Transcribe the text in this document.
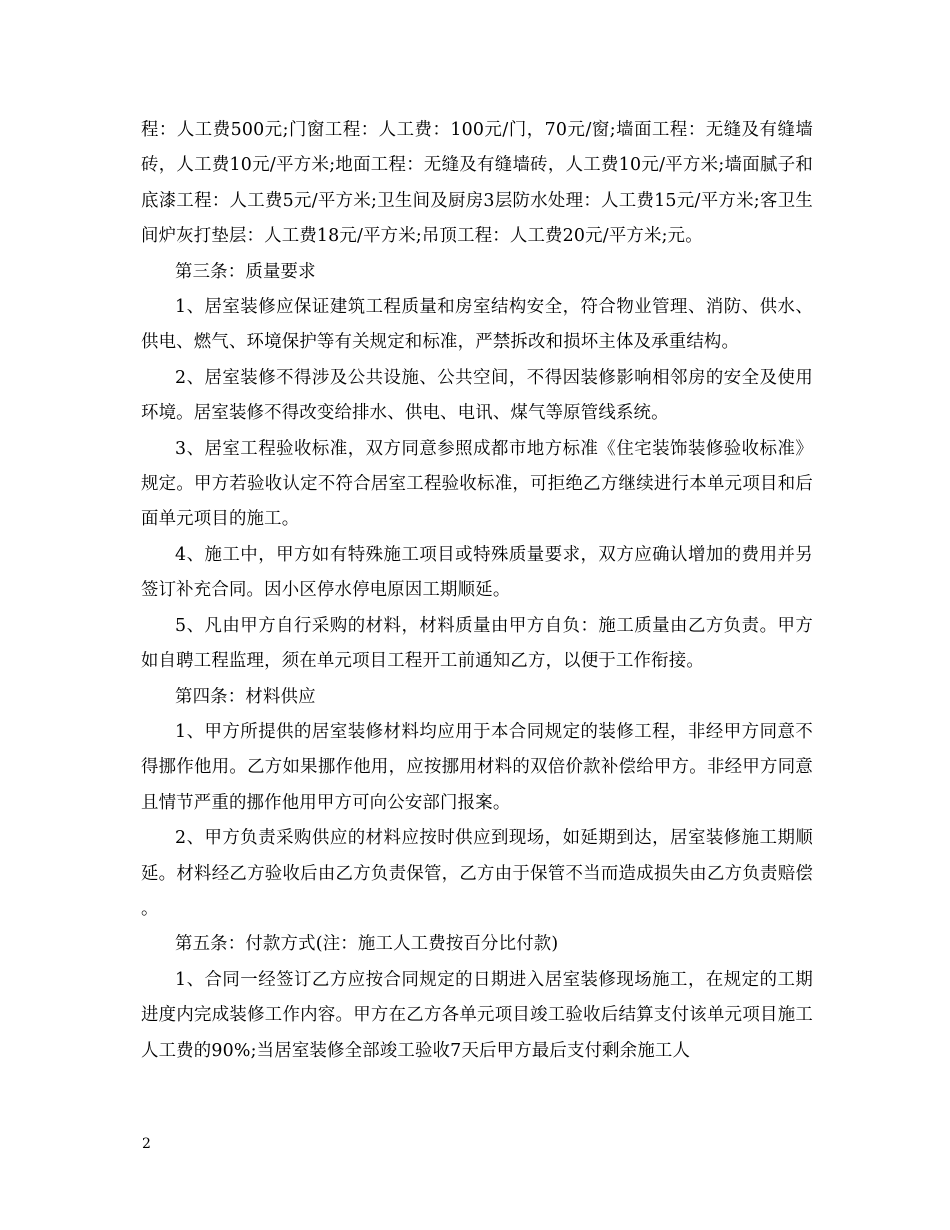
程：人工费500元;门窗工程：人工费：100元/门，70元/窗;墙面工程：无缝及有缝墙砖，人工费10元/平方米;地面工程：无缝及有缝墙砖，人工费10元/平方米;墙面腻子和底漆工程：人工费5元/平方米;卫生间及厨房3层防水处理：人工费15元/平方米;客卫生间炉灰打垫层：人工费18元/平方米;吊顶工程：人工费20元/平方米;元。

第三条：质量要求

1、居室装修应保证建筑工程质量和房室结构安全，符合物业管理、消防、供水、供电、燃气、环境保护等有关规定和标准，严禁拆改和损坏主体及承重结构。

2、居室装修不得涉及公共设施、公共空间，不得因装修影响相邻房的安全及使用环境。居室装修不得改变给排水、供电、电讯、煤气等原管线系统。

3、居室工程验收标准，双方同意参照成都市地方标准《住宅装饰装修验收标准》规定。甲方若验收认定不符合居室工程验收标准，可拒绝乙方继续进行本单元项目和后面单元项目的施工。

4、施工中，甲方如有特殊施工项目或特殊质量要求，双方应确认增加的费用并另签订补充合同。因小区停水停电原因工期顺延。

5、凡由甲方自行采购的材料，材料质量由甲方自负：施工质量由乙方负责。甲方如自聘工程监理，须在单元项目工程开工前通知乙方，以便于工作衔接。

第四条：材料供应

1、甲方所提供的居室装修材料均应用于本合同规定的装修工程，非经甲方同意不得挪作他用。乙方如果挪作他用，应按挪用材料的双倍价款补偿给甲方。非经甲方同意且情节严重的挪作他用甲方可向公安部门报案。

2、甲方负责采购供应的材料应按时供应到现场，如延期到达，居室装修施工期顺延。材料经乙方验收后由乙方负责保管，乙方由于保管不当而造成损失由乙方负责赔偿。

第五条：付款方式(注：施工人工费按百分比付款)

1、合同一经签订乙方应按合同规定的日期进入居室装修现场施工，在规定的工期进度内完成装修工作内容。甲方在乙方各单元项目竣工验收后结算支付该单元项目施工人工费的90%;当居室装修全部竣工验收7天后甲方最后支付剩余施工人

2
